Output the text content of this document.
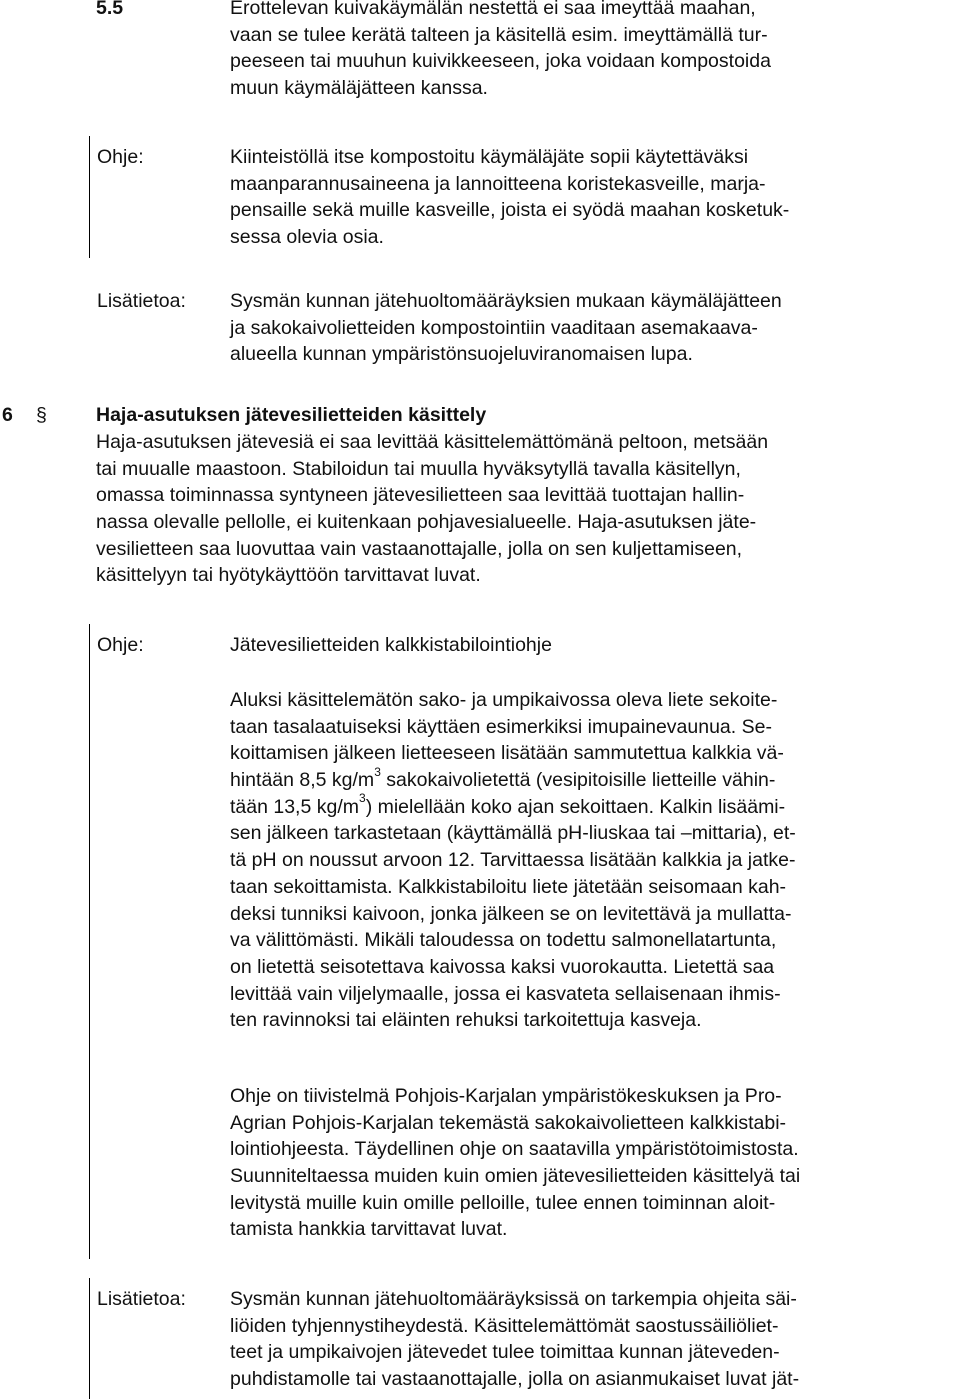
5.5	Erottelevan kuivakäymälän nestettä ei saa imeyttää maahan,
vaan se tulee kerätä talteen ja käsitellä esim. imeyttämällä tur-
peeseen tai muuhun kuivikkeeseen, joka voidaan kompostoida
muun käymäläjätteen kanssa.
Ohje:	Kiinteistöllä itse kompostoitu käymäläjäte sopii käytettäväksi
maanparannusaineena ja lannoitteena koristekasveille, marja-
pensaille sekä muille kasveille, joista ei syödä maahan kosketuk-
sessa olevia osia.
Lisätietoa: Sysmän kunnan jätehuoltomääräyksien mukaan käymäläjätteen
ja sakokaivolietteiden kompostointiin vaaditaan asemakaava-
alueella kunnan ympäristönsuojeluviranomaisen lupa.
6 §	Haja-asutuksen jätevesilietteiden käsittely
Haja-asutuksen jätevesiä ei saa levittää käsittelemättömänä peltoon, metsään
tai muualle maastoon. Stabiloidun tai muulla hyväksytyllä tavalla käsitellyn,
omassa toiminnassa syntyneen jätevesilietteen saa levittää tuottajan hallin-
nassa olevalle pellolle, ei kuitenkaan pohjavesialueelle. Haja-asutuksen jäte-
vesilietteen saa luovuttaa vain vastaanottajalle, jolla on sen kuljettamiseen,
käsittelyyn tai hyötykäyttöön tarvittavat luvat.
Ohje:	Jätevesilietteiden kalkkistabilointiohje
Aluksi käsittelemätön sako- ja umpikaivossa oleva liete sekoite-
taan tasalaatuiseksi käyttäen esimerkiksi imupainevaunua. Se-
koittamisen jälkeen lietteeseen lisätään sammutettua kalkkia vä-
hintään 8,5 $kg/m^3$ sakokaivolietettä (vesipitoisille lietteille vähin-
tään 13,5 $kg/m^3$) mielellään koko ajan sekoittaen. Kalkin lisäämi-
sen jälkeen tarkastetaan (käyttämällä pH-liuskaa tai –mittaria), et-
tä pH on noussut arvoon 12. Tarvittaessa lisätään kalkkia ja jatke-
taan sekoittamista. Kalkkistabiloitu liete jätetään seisomaan kah-
deksi tunniksi kaivoon, jonka jälkeen se on levitettävä ja mullatta-
va välittömästi. Mikäli taloudessa on todettu salmonellatartunta,
on lietettä seisotettava kaivossa kaksi vuorokautta. Lietettä saa
levittää vain viljelymaalle, jossa ei kasvateta sellaisenaan ihmis-
ten ravinnoksi tai eläinten rehuksi tarkoitettuja kasveja.
Ohje on tiivistelmä Pohjois-Karjalan ympäristökeskuksen ja Pro-
Agrian Pohjois-Karjalan tekemästä sakokaivolietteen kalkkistabi-
lointiohjeesta. Täydellinen ohje on saatavilla ympäristötoimistosta.
Suunniteltaessa muiden kuin omien jätevesilietteiden käsittelyä tai
levitystä muille kuin omille pelloille, tulee ennen toiminnan aloit-
tamista hankkia tarvittavat luvat.
Lisätietoa: Sysmän kunnan jätehuoltomääräyksissä on tarkempia ohjeita säi-
liöiden tyhjennystiheydestä. Käsittelemättömät saostussäiliöliet-
teet ja umpikaivojen jätevedet tulee toimittaa kunnan jäteveden-
puhdistamolle tai vastaanottajalle, jolla on asianmukaiset luvat jät-
